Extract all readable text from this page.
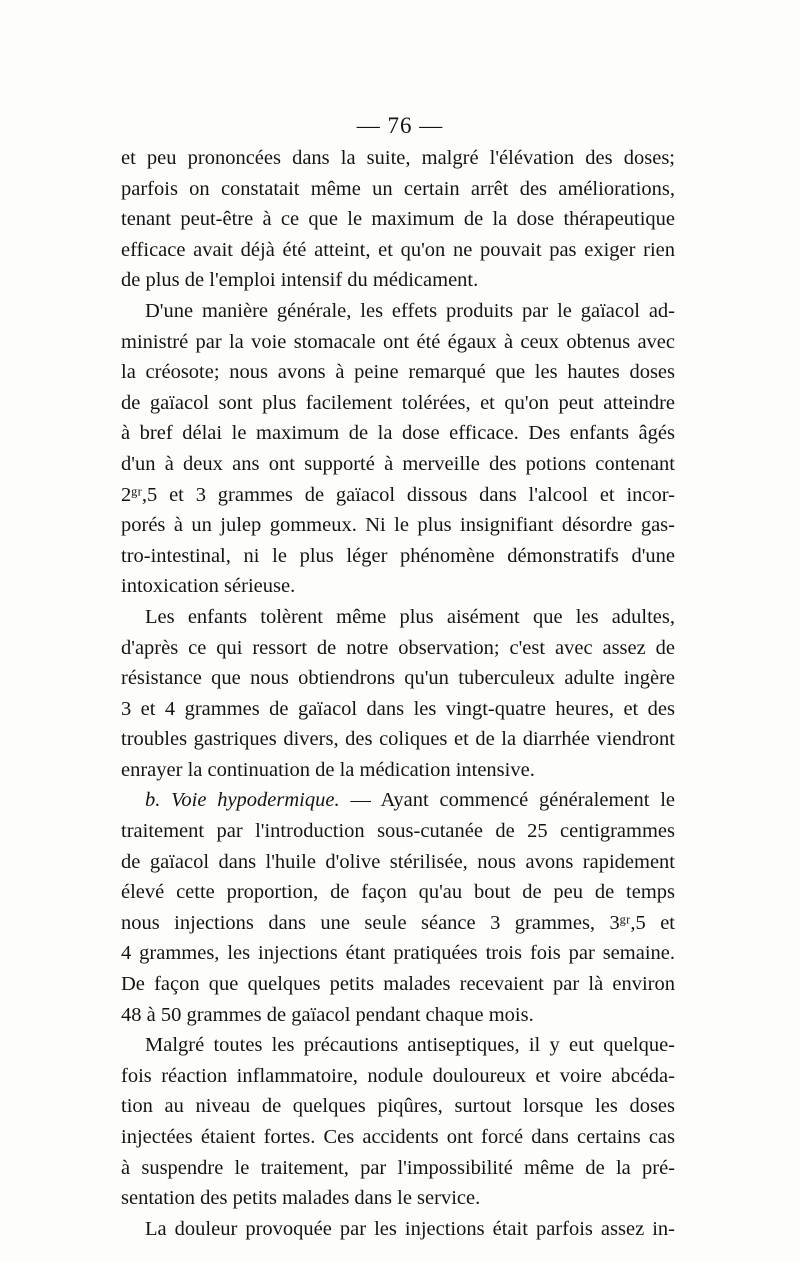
— 76 —
et peu prononcées dans la suite, malgré l'élévation des doses;
parfois on constatait même un certain arrêt des améliorations,
tenant peut-être à ce que le maximum de la dose thérapeutique
efficace avait déjà été atteint, et qu'on ne pouvait pas exiger rien
de plus de l'emploi intensif du médicament.
D'une manière générale, les effets produits par le gaïacol ad-
ministré par la voie stomacale ont été égaux à ceux obtenus avec
la créosote; nous avons à peine remarqué que les hautes doses
de gaïacol sont plus facilement tolérées, et qu'on peut atteindre
à bref délai le maximum de la dose efficace. Des enfants âgés
d'un à deux ans ont supporté à merveille des potions contenant
2ᵍʳ,5 et 3 grammes de gaïacol dissous dans l'alcool et incor-
porés à un julep gommeux. Ni le plus insignifiant désordre gas-
tro-intestinal, ni le plus léger phénomène démonstratifs d'une
intoxication sérieuse.
Les enfants tolèrent même plus aisément que les adultes,
d'après ce qui ressort de notre observation; c'est avec assez de
résistance que nous obtiendrons qu'un tuberculeux adulte ingère
3 et 4 grammes de gaïacol dans les vingt-quatre heures, et des
troubles gastriques divers, des coliques et de la diarrhée viendront
enrayer la continuation de la médication intensive.
b. Voie hypodermique. — Ayant commencé généralement le
traitement par l'introduction sous-cutanée de 25 centigrammes
de gaïacol dans l'huile d'olive stérilisée, nous avons rapidement
élevé cette proportion, de façon qu'au bout de peu de temps
nous injections dans une seule séance 3 grammes, 3ᵍʳ,5 et
4 grammes, les injections étant pratiquées trois fois par semaine.
De façon que quelques petits malades recevaient par là environ
48 à 50 grammes de gaïacol pendant chaque mois.
Malgré toutes les précautions antiseptiques, il y eut quelque-
fois réaction inflammatoire, nodule douloureux et voire abcéda-
tion au niveau de quelques piqûres, surtout lorsque les doses
injectées étaient fortes. Ces accidents ont forcé dans certains cas
à suspendre le traitement, par l'impossibilité même de la pré-
sentation des petits malades dans le service.
La douleur provoquée par les injections était parfois assez in-
